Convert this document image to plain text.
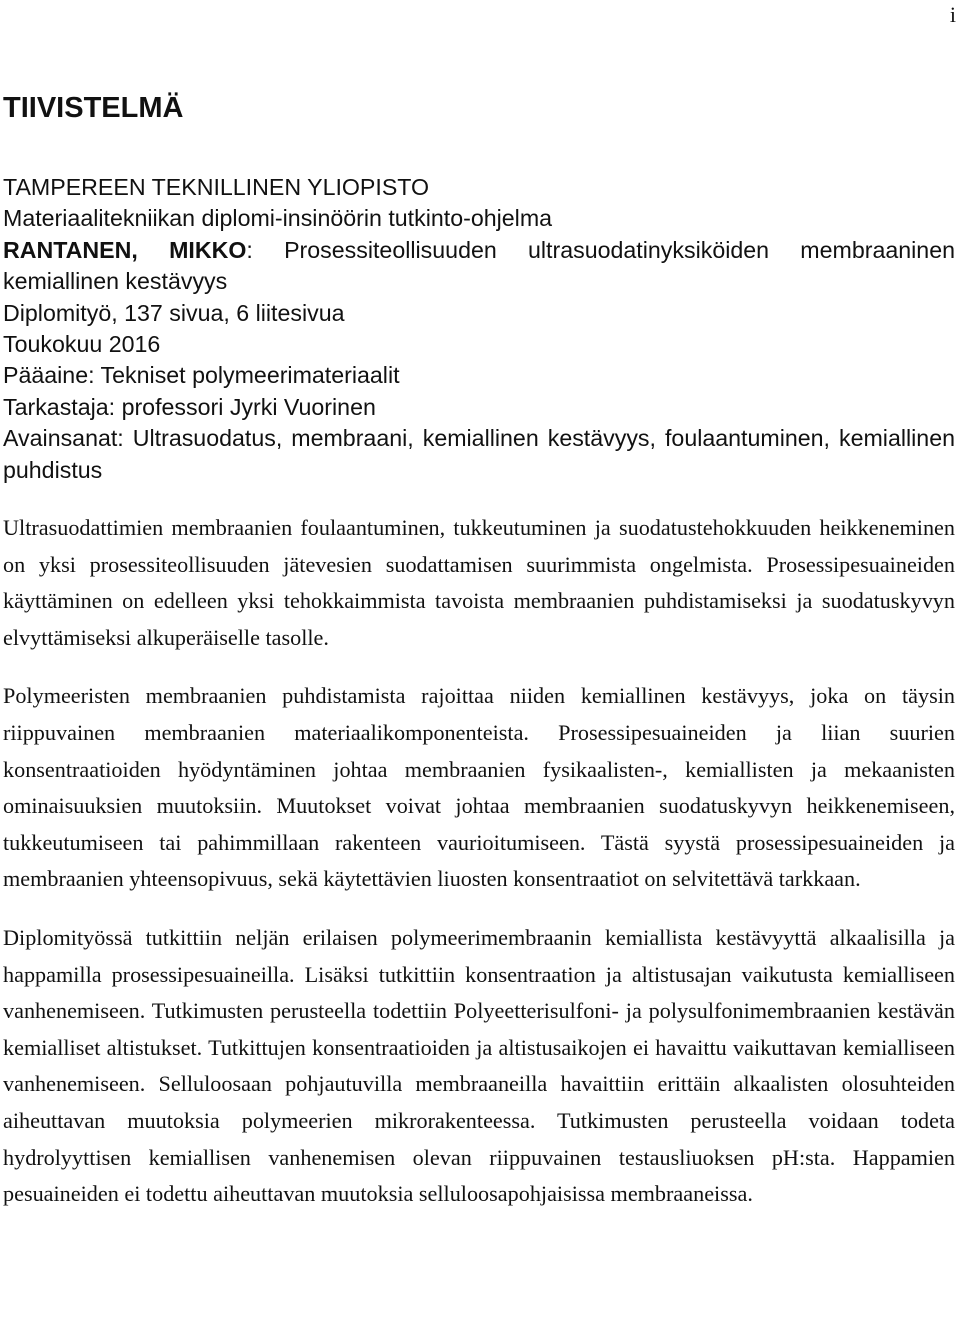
i
TIIVISTELMÄ
TAMPEREEN TEKNILLINEN YLIOPISTO
Materiaalitekniikan diplomi-insinöörin tutkinto-ohjelma
RANTANEN, MIKKO: Prosessiteollisuuden ultrasuodatinyksiköiden membraaninen kemiallinen kestävyys
Diplomityö, 137 sivua, 6 liitesivua
Toukokuu 2016
Pääaine: Tekniset polymeerimateriaalit
Tarkastaja: professori Jyrki Vuorinen
Avainsanat: Ultrasuodatus, membraani, kemiallinen kestävyys, foulaantuminen, kemiallinen puhdistus

Ultrasuodattimien membraanien foulaantuminen, tukkeutuminen ja suodatustehokkuuden heikkeneminen on yksi prosessiteollisuuden jätevesien suodattamisen suurimmista ongelmista. Prosessipesuaineiden käyttäminen on edelleen yksi tehokkaimmista tavoista membraanien puhdistamiseksi ja suodatuskyvyn elvyttämiseksi alkuperäiselle tasolle.

Polymeeristen membraanien puhdistamista rajoittaa niiden kemiallinen kestävyys, joka on täysin riippuvainen membraanien materiaalikomponenteista. Prosessipesuaineiden ja liian suurien konsentraatioiden hyödyntäminen johtaa membraanien fysikaalisten-, kemiallisten ja mekaanisten ominaisuuksien muutoksiin. Muutokset voivat johtaa membraanien suodatuskyvyn heikkenemiseen, tukkeutumiseen tai pahimmillaan rakenteen vaurioitumiseen. Tästä syystä prosessipesuaineiden ja membraanien yhteensopivuus, sekä käytettävien liuosten konsentraatiot on selvitettävä tarkkaan.

Diplomityössä tutkittiin neljän erilaisen polymeerimembraanin kemiallista kestävyyttä alkaalisilla ja happamilla prosessipesuaineilla. Lisäksi tutkittiin konsentraation ja altistusajan vaikutusta kemialliseen vanhenemiseen. Tutkimusten perusteella todettiin Polyeetterisulfoni- ja polysulfonimembraanien kestävän kemialliset altistukset. Tutkittujen konsentraatioiden ja altistusaikojen ei havaittu vaikuttavan kemialliseen vanhenemiseen. Selluloosaan pohjautuvilla membraaneilla havaittiin erittäin alkaalisten olosuhteiden aiheuttavan muutoksia polymeerien mikrorakenteessa. Tutkimusten perusteella voidaan todeta hydrolyyttisen kemiallisen vanhenemisen olevan riippuvainen testausliuoksen pH:sta. Happamien pesuaineiden ei todettu aiheuttavan muutoksia selluloosapohjaisissa membraaneissa.
